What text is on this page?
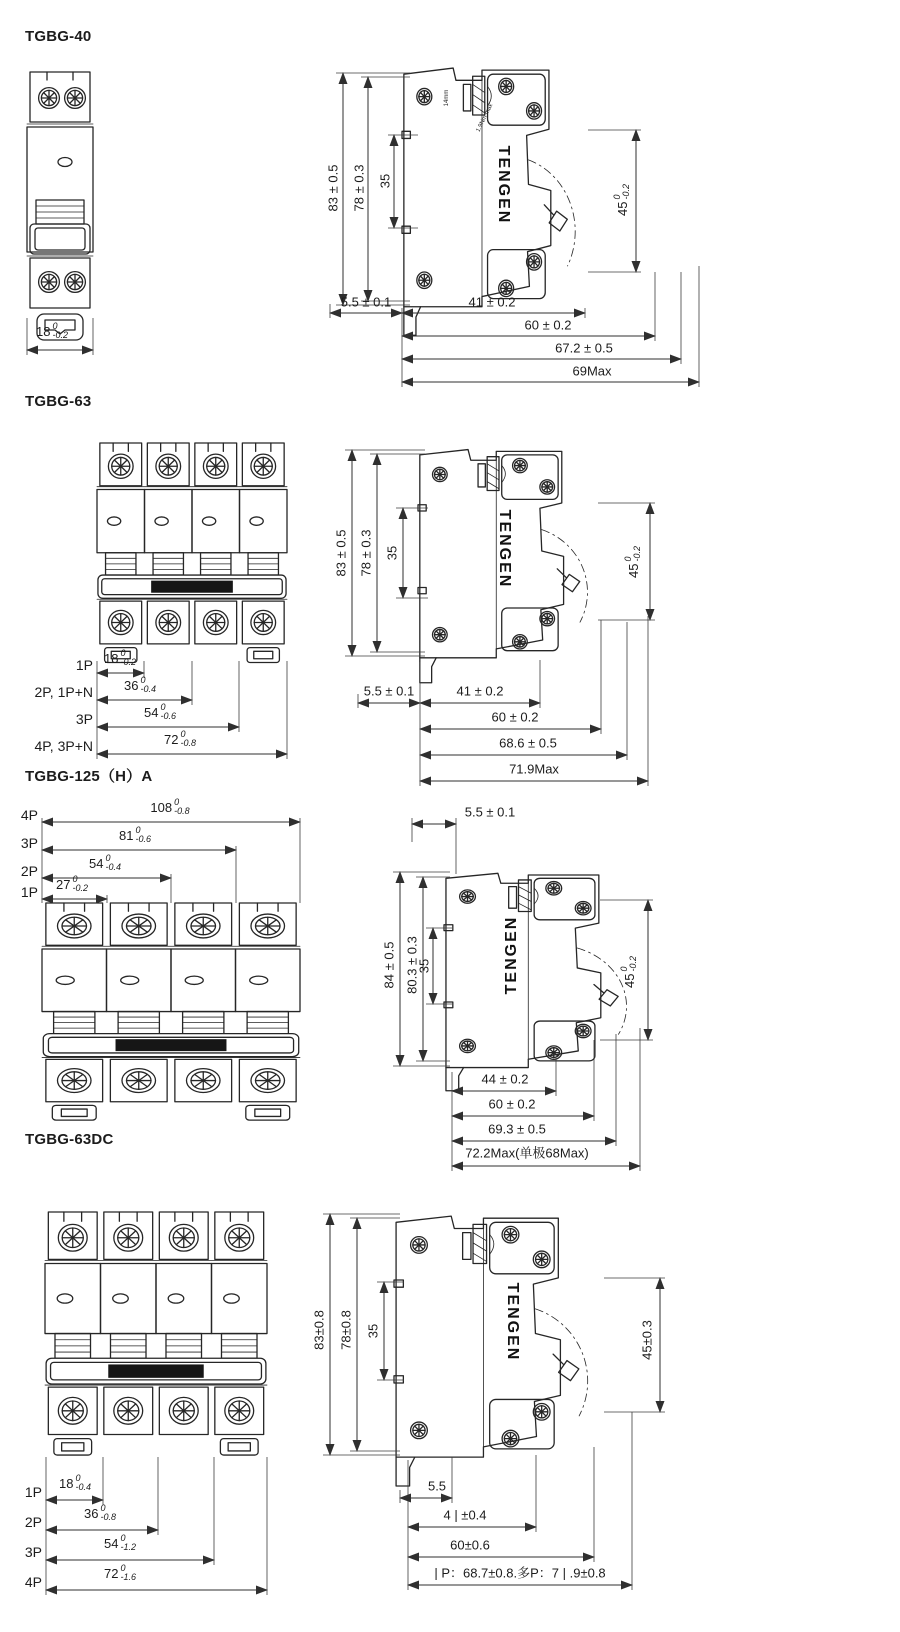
TGBG-40
TGBG-63
TGBG-125（H）A
TGBG-63DC
18 0
-0.2
83 ± 0.5 78 ± 0.3 35
45
0 -0.2
TENGEN
14mm
1.9Nm max
5.5 ± 0.1	41 ± 0.2
60 ± 0.2
67.2 ± 0.5
69Max
1P 18 0
-0.2
2P, 1P+N 36 0
-0.4
3P	54 0
-0.6
4P, 3P+N	72 0
-0.8
83 ± 0.5 78 ± 0.3 35
45
0 -0.2
TENGEN
5.5 ± 0.1	41 ± 0.2
60 ± 0.2
68.6 ± 0.5
71.9Max
4P	108 0
-0.8
3P	81 0
-0.6
2P	54 0
-0.4
1P 27 0
-0.2
5.5 ± 0.1
84 ± 0.5 80.3 ± 0.3
35
45
0 -0.2
TENGEN
44 ± 0.2
60 ± 0.2
69.3 ± 0.5
72.2Max(单极68Max)
1P
18 0
-0.4
2P
36 0
-0.8
3P
54 0
-1.2
4P
72 0
-1.6
83±0.8 78±0.8 35	45±0.3
TENGEN
5.5
4 | ±0.4
60±0.6
| P：68.7±0.8.多P：7 | .9±0.8
